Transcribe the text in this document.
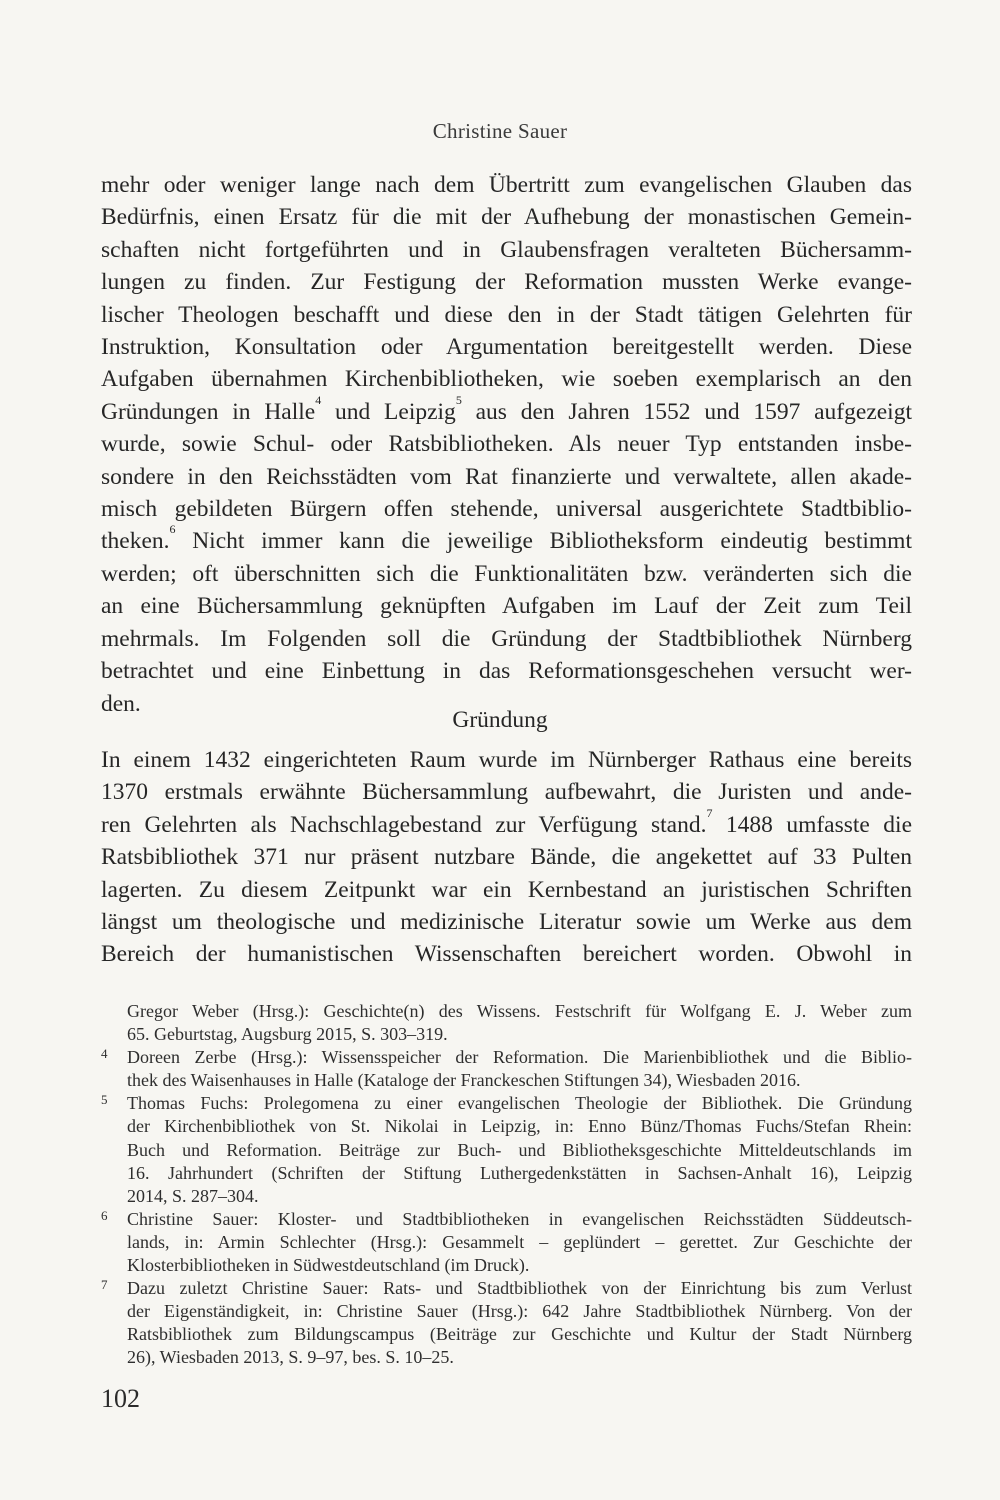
Christine Sauer
mehr oder weniger lange nach dem Übertritt zum evangelischen Glauben das
Bedürfnis, einen Ersatz für die mit der Aufhebung der monastischen Gemein-
schaften nicht fortgeführten und in Glaubensfragen veralteten Büchersamm-
lungen zu finden. Zur Festigung der Reformation mussten Werke evange-
lischer Theologen beschafft und diese den in der Stadt tätigen Gelehrten für
Instruktion, Konsultation oder Argumentation bereitgestellt werden. Diese
Aufgaben übernahmen Kirchenbibliotheken, wie soeben exemplarisch an den
Gründungen in Halle$^4$ und Leipzig$^5$ aus den Jahren 1552 und 1597 aufgezeigt
wurde, sowie Schul- oder Ratsbibliotheken. Als neuer Typ entstanden insbe-
sondere in den Reichsstädten vom Rat finanzierte und verwaltete, allen akade-
misch gebildeten Bürgern offen stehende, universal ausgerichtete Stadtbiblio-
theken.$^6$ Nicht immer kann die jeweilige Bibliotheksform eindeutig bestimmt
werden; oft überschnitten sich die Funktionalitäten bzw. veränderten sich die
an eine Büchersammlung geknüpften Aufgaben im Lauf der Zeit zum Teil
mehrmals. Im Folgenden soll die Gründung der Stadtbibliothek Nürnberg
betrachtet und eine Einbettung in das Reformationsgeschehen versucht wer-
den.
Gründung
In einem 1432 eingerichteten Raum wurde im Nürnberger Rathaus eine bereits
1370 erstmals erwähnte Büchersammlung aufbewahrt, die Juristen und ande-
ren Gelehrten als Nachschlagebestand zur Verfügung stand.$^7$ 1488 umfasste die
Ratsbibliothek 371 nur präsent nutzbare Bände, die angekettet auf 33 Pulten
lagerten. Zu diesem Zeitpunkt war ein Kernbestand an juristischen Schriften
längst um theologische und medizinische Literatur sowie um Werke aus dem
Bereich der humanistischen Wissenschaften bereichert worden. Obwohl in
Gregor Weber (Hrsg.): Geschichte(n) des Wissens. Festschrift für Wolfgang E. J. Weber zum
65. Geburtstag, Augsburg 2015, S. 303–319.
4 Doreen Zerbe (Hrsg.): Wissensspeicher der Reformation. Die Marienbibliothek und die Biblio-
thek des Waisenhauses in Halle (Kataloge der Franckeschen Stiftungen 34), Wiesbaden 2016.
5 Thomas Fuchs: Prolegomena zu einer evangelischen Theologie der Bibliothek. Die Gründung
der Kirchenbibliothek von St. Nikolai in Leipzig, in: Enno Bünz/Thomas Fuchs/Stefan Rhein:
Buch und Reformation. Beiträge zur Buch- und Bibliotheksgeschichte Mitteldeutschlands im
16. Jahrhundert (Schriften der Stiftung Luthergedenkstätten in Sachsen-Anhalt 16), Leipzig
2014, S. 287–304.
6 Christine Sauer: Kloster- und Stadtbibliotheken in evangelischen Reichsstädten Süddeutsch-
lands, in: Armin Schlechter (Hrsg.): Gesammelt – geplündert – gerettet. Zur Geschichte der
Klosterbibliotheken in Südwestdeutschland (im Druck).
7 Dazu zuletzt Christine Sauer: Rats- und Stadtbibliothek von der Einrichtung bis zum Verlust
der Eigenständigkeit, in: Christine Sauer (Hrsg.): 642 Jahre Stadtbibliothek Nürnberg. Von der
Ratsbibliothek zum Bildungscampus (Beiträge zur Geschichte und Kultur der Stadt Nürnberg
26), Wiesbaden 2013, S. 9–97, bes. S. 10–25.
102
